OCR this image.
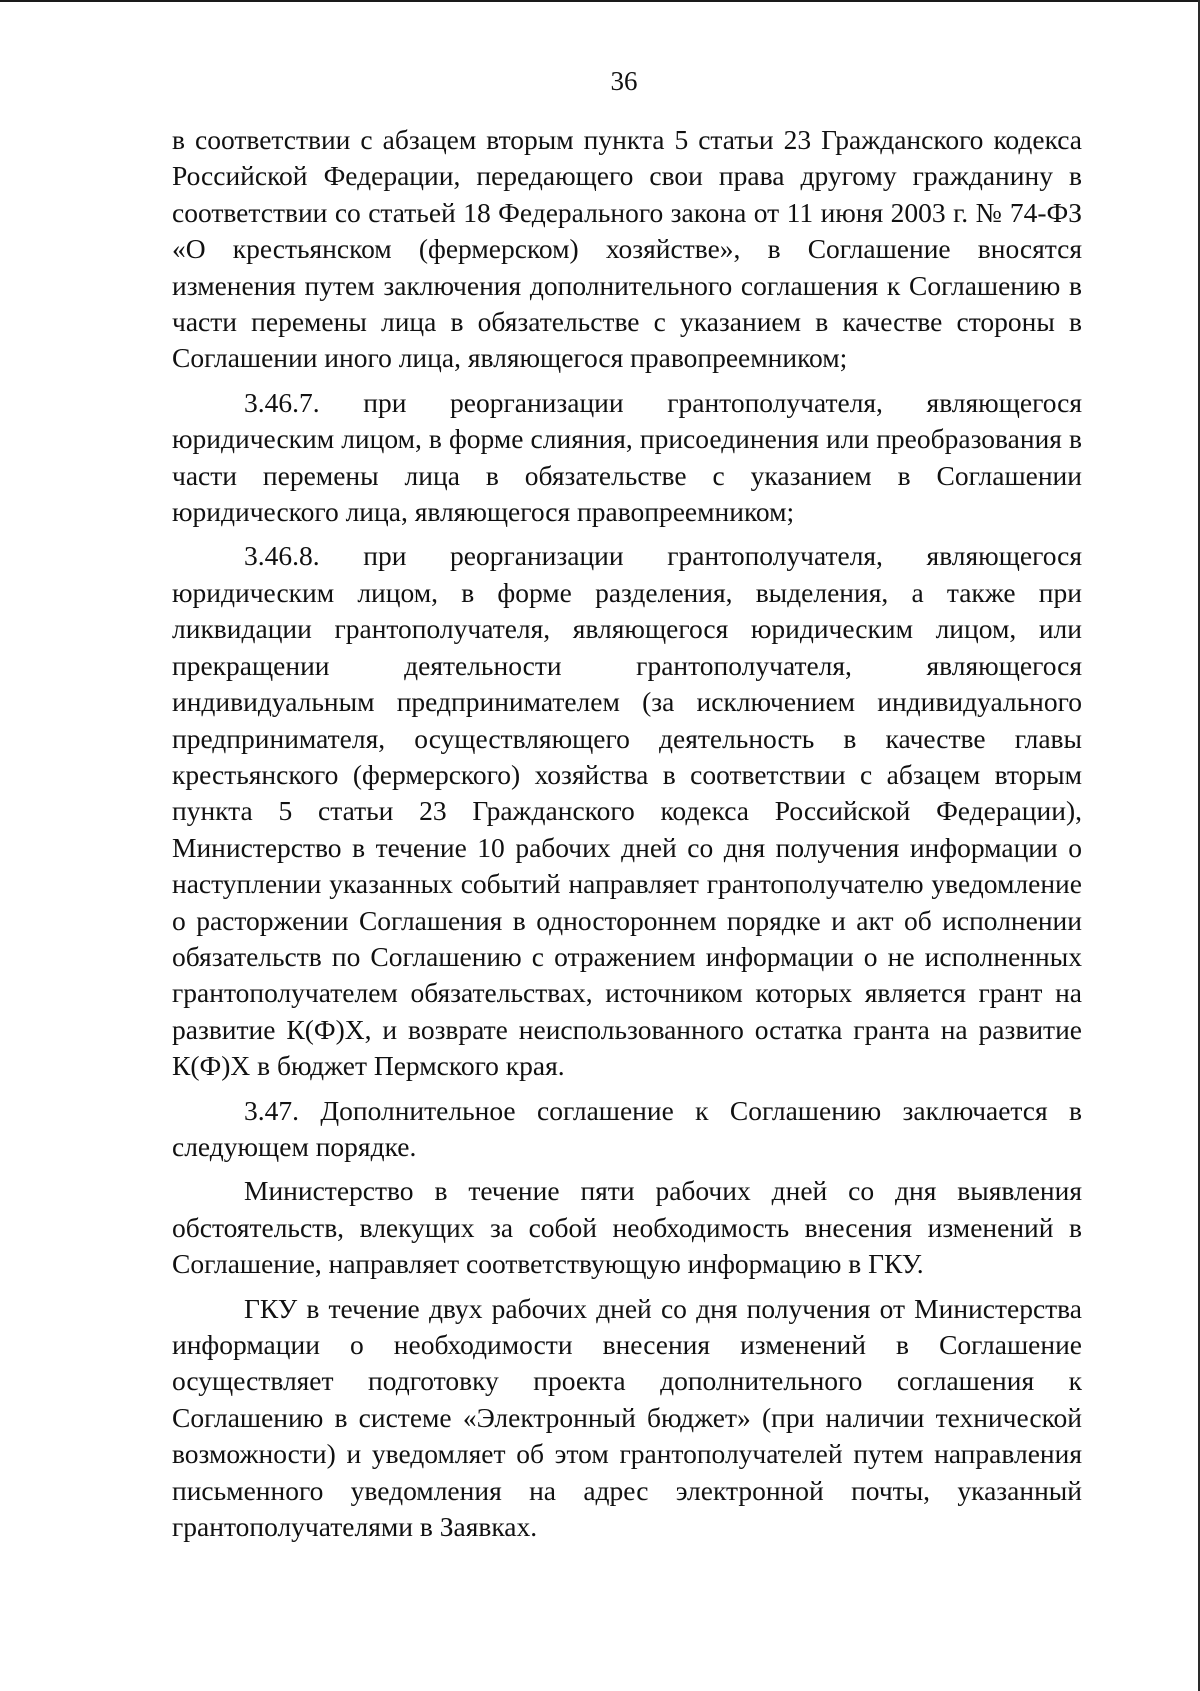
36

в соответствии с абзацем вторым пункта 5 статьи 23 Гражданского кодекса Российской Федерации, передающего свои права другому гражданину в соответствии со статьей 18 Федерального закона от 11 июня 2003 г. № 74-ФЗ «О крестьянском (фермерском) хозяйстве», в Соглашение вносятся изменения путем заключения дополнительного соглашения к Соглашению в части перемены лица в обязательстве с указанием в качестве стороны в Соглашении иного лица, являющегося правопреемником;

3.46.7. при реорганизации грантополучателя, являющегося юридическим лицом, в форме слияния, присоединения или преобразования в части перемены лица в обязательстве с указанием в Соглашении юридического лица, являющегося правопреемником;

3.46.8. при реорганизации грантополучателя, являющегося юридическим лицом, в форме разделения, выделения, а также при ликвидации грантополучателя, являющегося юридическим лицом, или прекращении деятельности грантополучателя, являющегося индивидуальным предпринимателем (за исключением индивидуального предпринимателя, осуществляющего деятельность в качестве главы крестьянского (фермерского) хозяйства в соответствии с абзацем вторым пункта 5 статьи 23 Гражданского кодекса Российской Федерации), Министерство в течение 10 рабочих дней со дня получения информации о наступлении указанных событий направляет грантополучателю уведомление о расторжении Соглашения в одностороннем порядке и акт об исполнении обязательств по Соглашению с отражением информации о не исполненных грантополучателем обязательствах, источником которых является грант на развитие К(Ф)Х, и возврате неиспользованного остатка гранта на развитие К(Ф)Х в бюджет Пермского края.

3.47. Дополнительное соглашение к Соглашению заключается в следующем порядке.

Министерство в течение пяти рабочих дней со дня выявления обстоятельств, влекущих за собой необходимость внесения изменений в Соглашение, направляет соответствующую информацию в ГКУ.

ГКУ в течение двух рабочих дней со дня получения от Министерства информации о необходимости внесения изменений в Соглашение осуществляет подготовку проекта дополнительного соглашения к Соглашению в системе «Электронный бюджет» (при наличии технической возможности) и уведомляет об этом грантополучателей путем направления письменного уведомления на адрес электронной почты, указанный грантополучателями в Заявках.
